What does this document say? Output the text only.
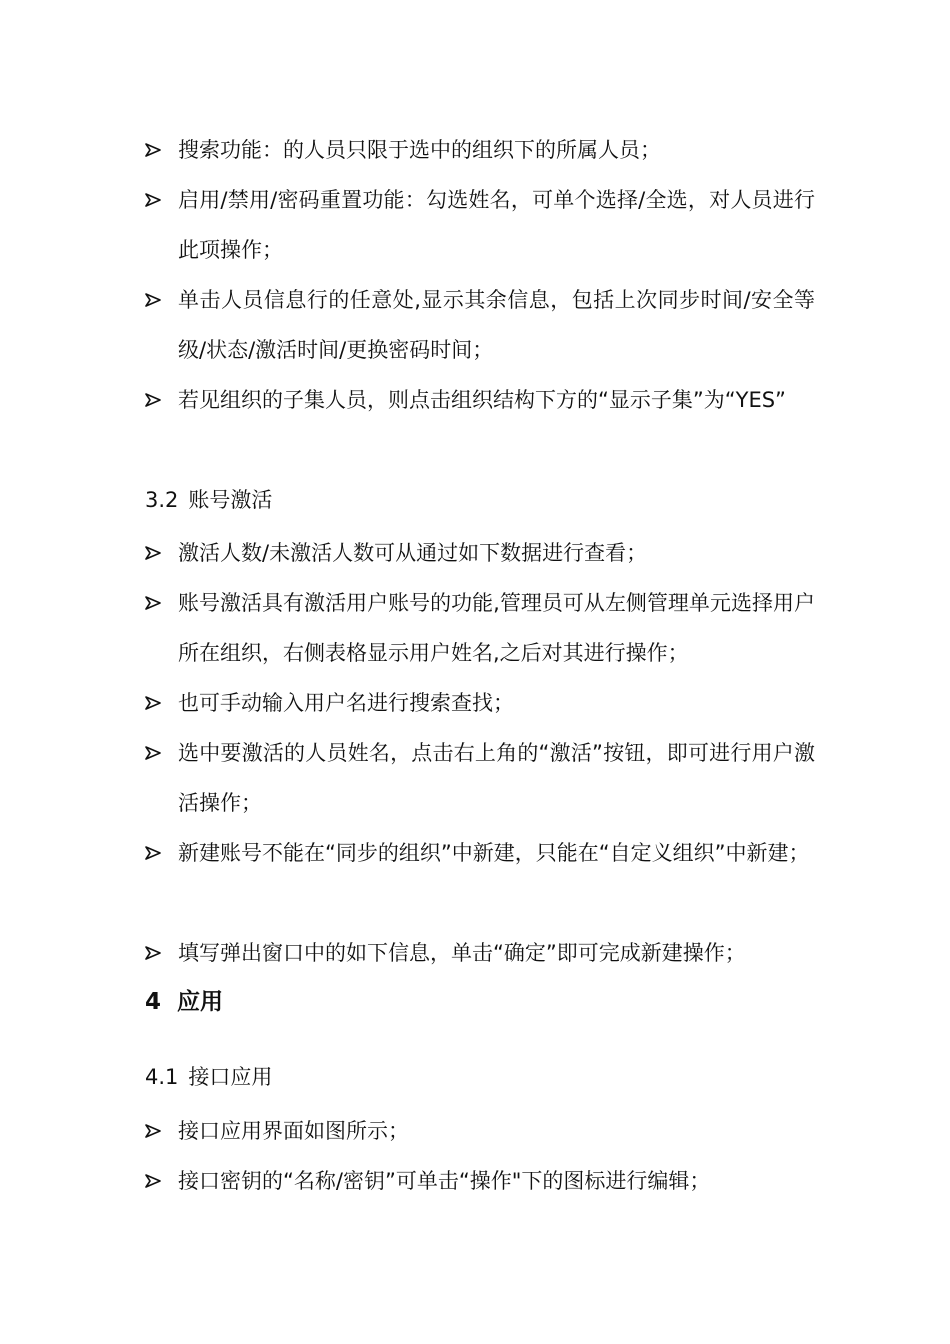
搜索功能：的人员只限于选中的组织下的所属人员；
启用/禁用/密码重置功能：勾选姓名，可单个选择/全选，对人员进行此项操作；
单击人员信息行的任意处,显示其余信息，包括上次同步时间/安全等级/状态/激活时间/更换密码时间；
若见组织的子集人员，则点击组织结构下方的“显示子集”为“YES”
3.2 账号激活
激活人数/未激活人数可从通过如下数据进行查看；
账号激活具有激活用户账号的功能,管理员可从左侧管理单元选择用户所在组织，右侧表格显示用户姓名,之后对其进行操作；
也可手动输入用户名进行搜索查找；
选中要激活的人员姓名，点击右上角的“激活”按钮，即可进行用户激活操作；
新建账号不能在“同步的组织”中新建，只能在“自定义组织”中新建；
填写弹出窗口中的如下信息，单击“确定”即可完成新建操作；
4 应用
4.1 接口应用
接口应用界面如图所示；
接口密钥的“名称/密钥”可单击“操作"下的图标进行编辑；
